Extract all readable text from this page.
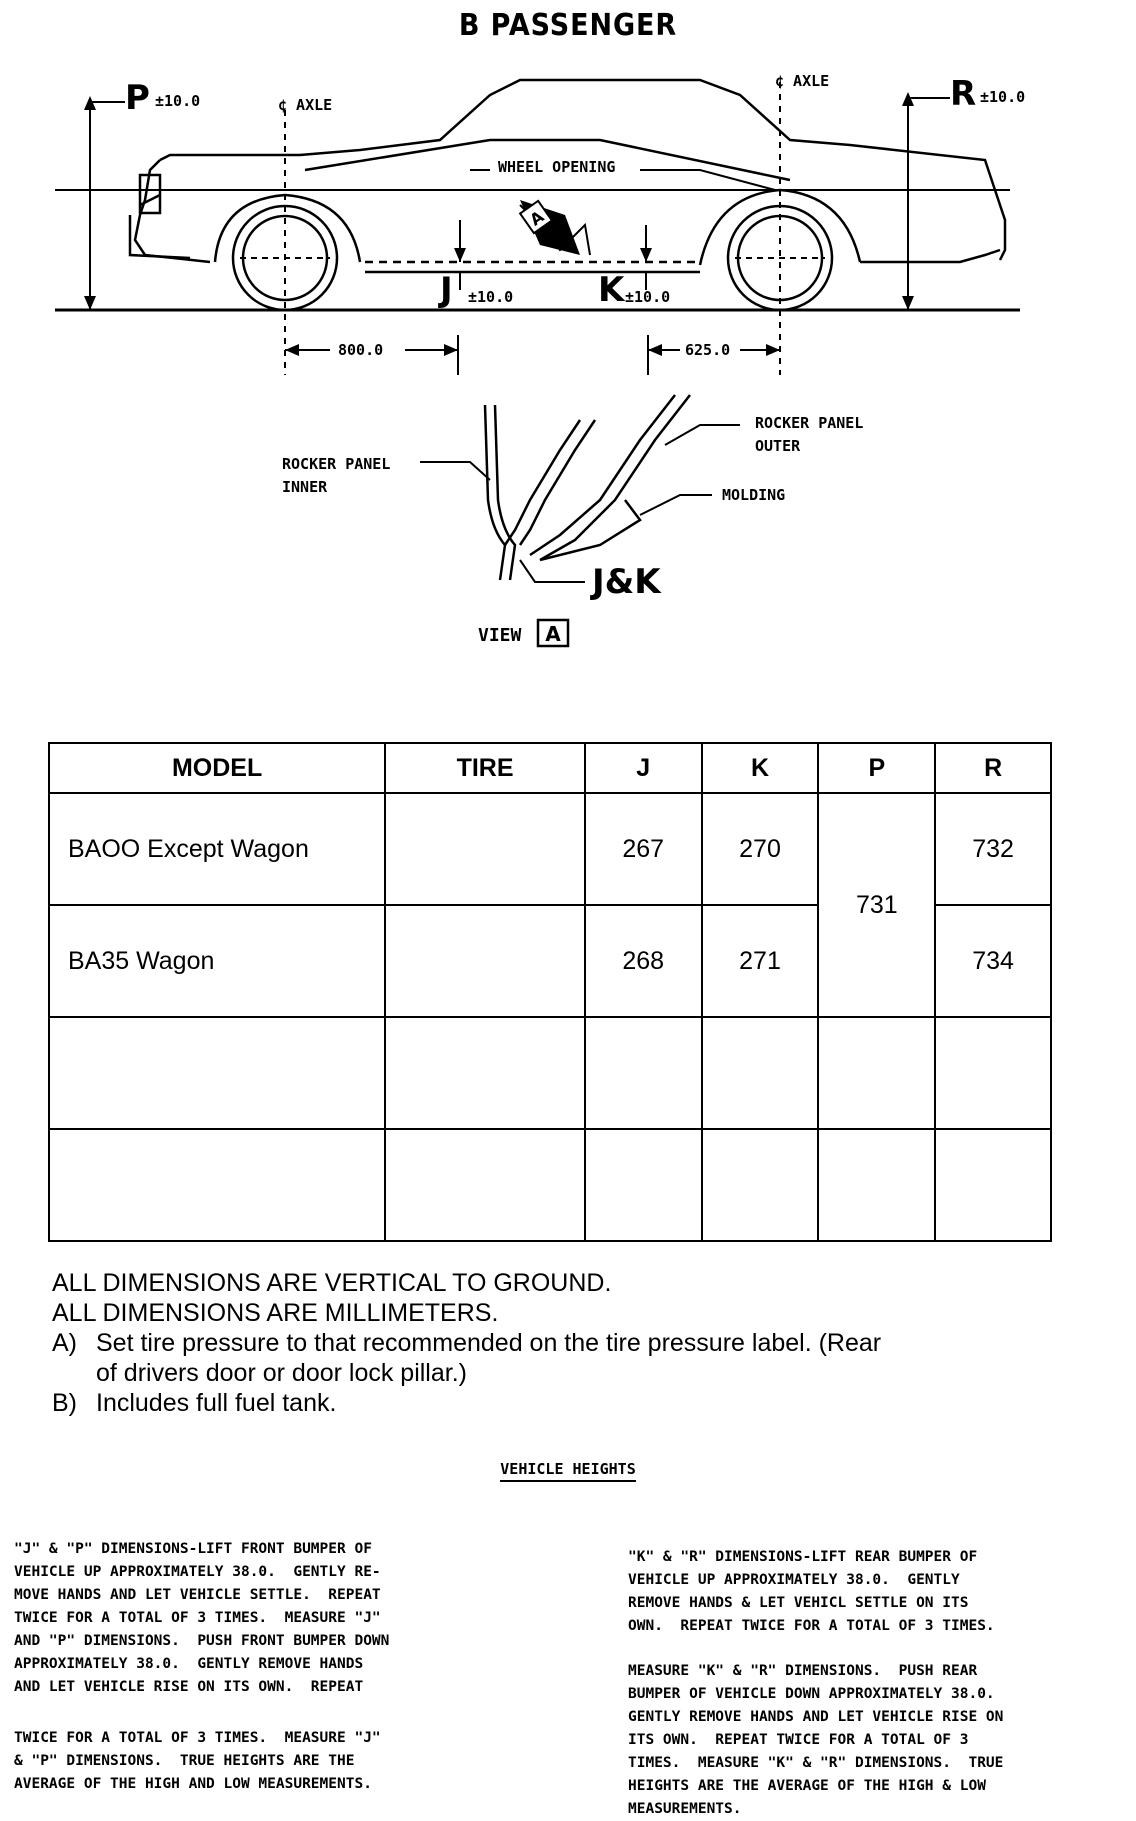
B PASSENGER
A
A
P ±10.0	¢ AXLE
¢ AXLE	R ±10.0
WHEEL OPENING
J ±10.0 K ±10.0
800.0	625.0
ROCKER PANEL
INNER
ROCKER PANEL
OUTER
MOLDING
J&K
VIEW
MODEL	TIRE	J	K	P	R
BAOO Except Wagon		267	270	731	732
BA35 Wagon		268	271		734

ALL DIMENSIONS ARE VERTICAL TO GROUND.
ALL DIMENSIONS ARE MILLIMETERS.
A) Set tire pressure to that recommended on the tire pressure label. (Rear
of drivers door or door lock pillar.)
B) Includes full fuel tank.
VEHICLE HEIGHTS
"J" & "P" DIMENSIONS-LIFT FRONT BUMPER OF
VEHICLE UP APPROXIMATELY 38.0.  GENTLY RE-
MOVE HANDS AND LET VEHICLE SETTLE.  REPEAT
TWICE FOR A TOTAL OF 3 TIMES.  MEASURE "J"
AND "P" DIMENSIONS.  PUSH FRONT BUMPER DOWN
APPROXIMATELY 38.0.  GENTLY REMOVE HANDS
AND LET VEHICLE RISE ON ITS OWN.  REPEAT
TWICE FOR A TOTAL OF 3 TIMES.  MEASURE "J"
& "P" DIMENSIONS.  TRUE HEIGHTS ARE THE
AVERAGE OF THE HIGH AND LOW MEASUREMENTS.
"K" & "R" DIMENSIONS-LIFT REAR BUMPER OF
VEHICLE UP APPROXIMATELY 38.0.  GENTLY
REMOVE HANDS & LET VEHICL SETTLE ON ITS
OWN.  REPEAT TWICE FOR A TOTAL OF 3 TIMES.
MEASURE "K" & "R" DIMENSIONS.  PUSH REAR
BUMPER OF VEHICLE DOWN APPROXIMATELY 38.0.
GENTLY REMOVE HANDS AND LET VEHICLE RISE ON
ITS OWN.  REPEAT TWICE FOR A TOTAL OF 3
TIMES.  MEASURE "K" & "R" DIMENSIONS.  TRUE
HEIGHTS ARE THE AVERAGE OF THE HIGH & LOW
MEASUREMENTS.
